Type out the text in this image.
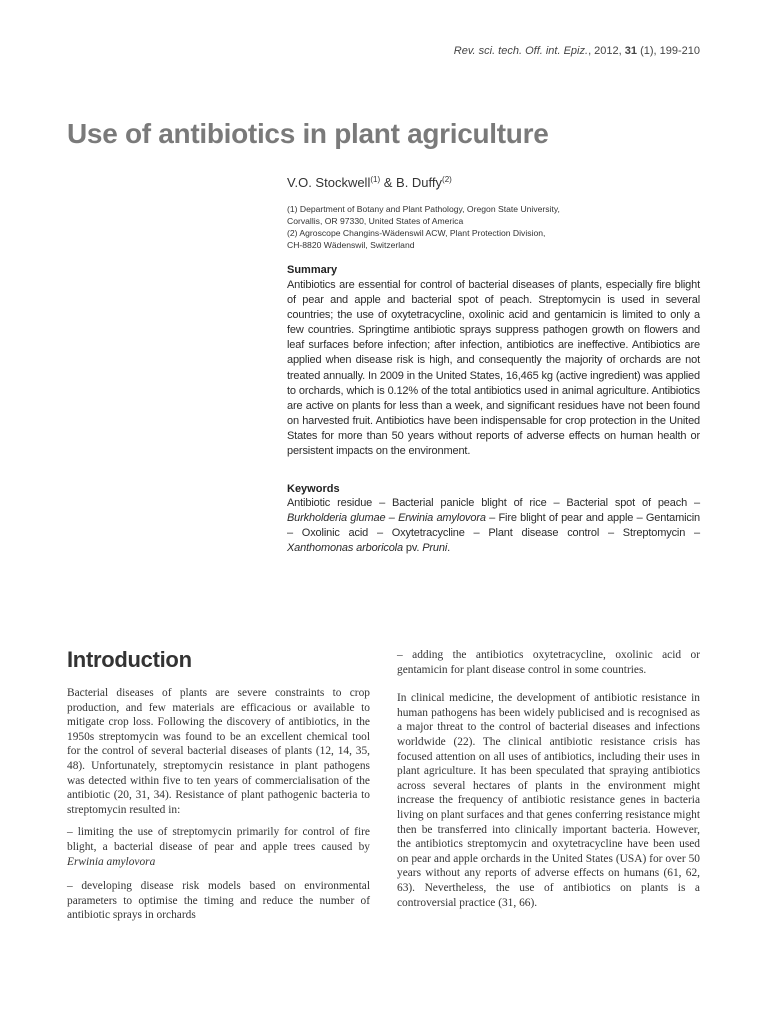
Rev. sci. tech. Off. int. Epiz., 2012, 31 (1), 199-210
Use of antibiotics in plant agriculture
V.O. Stockwell$^{(1)}$ & B. Duffy$^{(2)}$
(1) Department of Botany and Plant Pathology, Oregon State University,
Corvallis, OR 97330, United States of America
(2) Agroscope Changins-Wädenswil ACW, Plant Protection Division,
CH-8820 Wädenswil, Switzerland
Summary
Antibiotics are essential for control of bacterial diseases of plants, especially fire blight of pear and apple and bacterial spot of peach. Streptomycin is used in several countries; the use of oxytetracycline, oxolinic acid and gentamicin is limited to only a few countries. Springtime antibiotic sprays suppress pathogen growth on flowers and leaf surfaces before infection; after infection, antibiotics are ineffective. Antibiotics are applied when disease risk is high, and consequently the majority of orchards are not treated annually. In 2009 in the United States, 16,465 kg (active ingredient) was applied to orchards, which is 0.12% of the total antibiotics used in animal agriculture. Antibiotics are active on plants for less than a week, and significant residues have not been found on harvested fruit. Antibiotics have been indispensable for crop protection in the United States for more than 50 years without reports of adverse effects on human health or persistent impacts on the environment.
Keywords
Antibiotic residue – Bacterial panicle blight of rice – Bacterial spot of peach – Burkholderia glumae – Erwinia amylovora – Fire blight of pear and apple – Gentamicin – Oxolinic acid – Oxytetracycline – Plant disease control – Streptomycin – Xanthomonas arboricola pv. Pruni.
Introduction

Bacterial diseases of plants are severe constraints to crop production, and few materials are efficacious or available to mitigate crop loss. Following the discovery of antibiotics, in the 1950s streptomycin was found to be an excellent chemical tool for the control of several bacterial diseases of plants (12, 14, 35, 48). Unfortunately, streptomycin resistance in plant pathogens was detected within five to ten years of commercialisation of the antibiotic (20, 31, 34). Resistance of plant pathogenic bacteria to streptomycin resulted in:

– limiting the use of streptomycin primarily for control of fire blight, a bacterial disease of pear and apple trees caused by Erwinia amylovora

– developing disease risk models based on environmental parameters to optimise the timing and reduce the number of antibiotic sprays in orchards

– adding the antibiotics oxytetracycline, oxolinic acid or gentamicin for plant disease control in some countries.

In clinical medicine, the development of antibiotic resistance in human pathogens has been widely publicised and is recognised as a major threat to the control of bacterial diseases and infections worldwide (22). The clinical antibiotic resistance crisis has focused attention on all uses of antibiotics, including their uses in plant agriculture. It has been speculated that spraying antibiotics across several hectares of plants in the environment might increase the frequency of antibiotic resistance genes in bacteria living on plant surfaces and that genes conferring resistance might then be transferred into clinically important bacteria. However, the antibiotics streptomycin and oxytetracycline have been used on pear and apple orchards in the United States (USA) for over 50 years without any reports of adverse effects on humans (61, 62, 63). Nevertheless, the use of antibiotics on plants is a controversial practice (31, 66).
